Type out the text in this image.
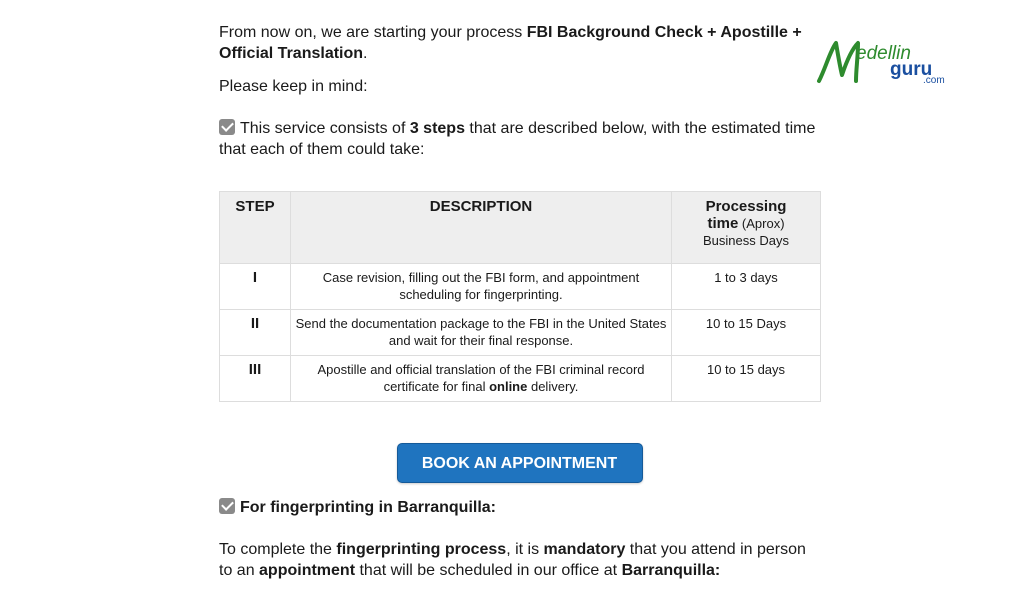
edellin
guru
.com

From now on, we are starting your process FBI Background Check + Apostille + Official Translation.

Please keep in mind:

This service consists of 3 steps that are described below, with the estimated time that each of them could take:

STEP	DESCRIPTION	Processing
time (Aprox)
Business Days
I	Case revision, filling out the FBI form, and appointment scheduling for fingerprinting.	1 to 3 days
II	Send the documentation package to the FBI in the United States and wait for their final response.	10 to 15 Days
III	Apostille and official translation of the FBI criminal record certificate for final online delivery.	10 to 15 days
BOOK AN APPOINTMENT

For fingerprinting in Barranquilla:

To complete the fingerprinting process, it is mandatory that you attend in person to an appointment that will be scheduled in our office at Barranquilla:
